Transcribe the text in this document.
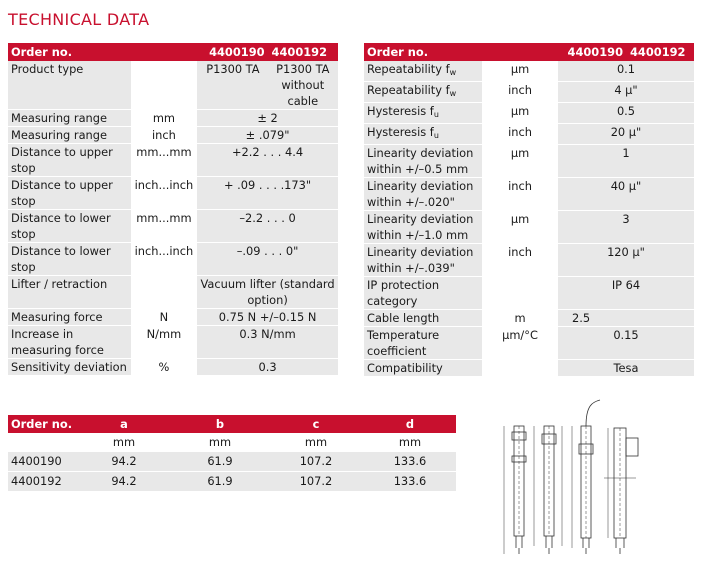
TECHNICAL DATA
Order no.		4400190	4400192
Product type		P1300 TA	P1300 TA without cable
Measuring range	mm	± 2	
Measuring range	inch	± .079"	
Distance to upper stop	mm...mm	+2.2 . . . 4.4	
Distance to upper stop	inch...inch	+ .09 . . . .173"	
Distance to lower stop	mm...mm	–2.2 . . . 0	
Distance to lower stop	inch...inch	–.09 . . . 0"	
Lifter / retraction		Vacuum lifter (standard option)	
Measuring force	N	0.75 N +/–0.15 N	
Increase in measuring force	N/mm	0.3 N/mm	
Sensitivity deviation	%	0.3	
Order no.		4400190	4400192
Repeatability $f_w$	µm	0.1	
Repeatability $f_w$	inch	4 µ"	
Hysteresis $f_u$	µm	0.5	
Hysteresis $f_u$	inch	20 µ"	
Linearity deviation within +/–0.5 mm	µm	1	
Linearity deviation within +/–.020"	inch	40 µ"	
Linearity deviation within +/–1.0 mm	µm	3	
Linearity deviation within +/–.039"	inch	120 µ"	
IP protection category		IP 64	
Cable length	m	2.5	
Temperature coefficient	µm/°C	0.15	
Compatibility		Tesa	
Order no.	a	b	c	d
	mm	mm	mm	mm
4400190	94.2	61.9	107.2	133.6
4400192	94.2	61.9	107.2	133.6
